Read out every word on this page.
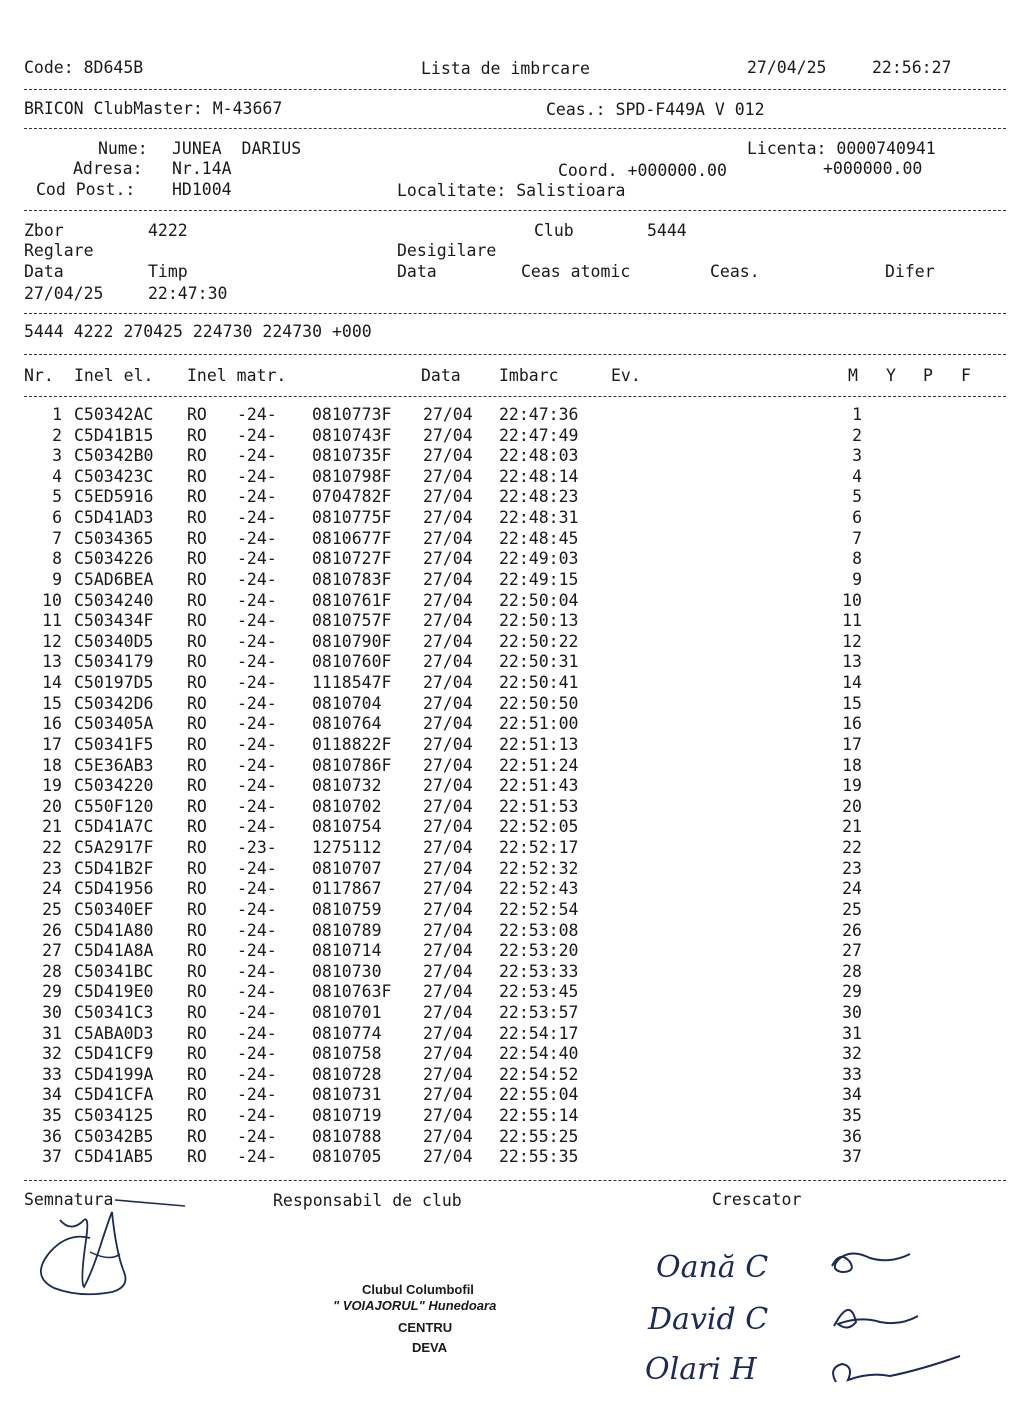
Code: 8D645B	Lista de imbrcare	27/04/25	22:56:27
BRICON ClubMaster: M-43667	Ceas.: SPD-F449A V 012
Nume: JUNEA  DARIUS	Licenta: 0000740941
Adresa: Nr.14A	Coord. +000000.00	+000000.00
Cod Post.: HD1004	Localitate: Salistioara
Zbor	4222	Club	5444
Reglare	Desigilare
Data	Timp	Data	Ceas atomic	Ceas.	Difer
27/04/25	22:47:30
5444 4222 270425 224730 224730 +000
Nr. Inel el. Inel matr.	Data Imbarc	Ev.	M Y P F
1 C50342AC RO -24- 0810773F 27/04 22:47:36	1
2 C5D41B15 RO -24- 0810743F 27/04 22:47:49	2
3 C50342B0 RO -24- 0810735F 27/04 22:48:03	3
4 C503423C RO -24- 0810798F 27/04 22:48:14	4
5 C5ED5916 RO -24- 0704782F 27/04 22:48:23	5
6 C5D41AD3 RO -24- 0810775F 27/04 22:48:31	6
7 C5034365 RO -24- 0810677F 27/04 22:48:45	7
8 C5034226 RO -24- 0810727F 27/04 22:49:03	8
9 C5AD6BEA RO -24- 0810783F 27/04 22:49:15	9
10 C5034240 RO -24- 0810761F 27/04 22:50:04	10
11 C503434F RO -24- 0810757F 27/04 22:50:13	11
12 C50340D5 RO -24- 0810790F 27/04 22:50:22	12
13 C5034179 RO -24- 0810760F 27/04 22:50:31	13
14 C50197D5 RO -24- 1118547F 27/04 22:50:41	14
15 C50342D6 RO -24- 0810704	27/04 22:50:50	15
16 C503405A RO -24- 0810764	27/04 22:51:00	16
17 C50341F5 RO -24- 0118822F 27/04 22:51:13	17
18 C5E36AB3 RO -24- 0810786F 27/04 22:51:24	18
19 C5034220 RO -24- 0810732	27/04 22:51:43	19
20 C550F120 RO -24- 0810702	27/04 22:51:53	20
21 C5D41A7C RO -24- 0810754	27/04 22:52:05	21
22 C5A2917F RO -23- 1275112	27/04 22:52:17	22
23 C5D41B2F RO -24- 0810707	27/04 22:52:32	23
24 C5D41956 RO -24- 0117867	27/04 22:52:43	24
25 C50340EF RO -24- 0810759	27/04 22:52:54	25
26 C5D41A80 RO -24- 0810789	27/04 22:53:08	26
27 C5D41A8A RO -24- 0810714	27/04 22:53:20	27
28 C50341BC RO -24- 0810730	27/04 22:53:33	28
29 C5D419E0 RO -24- 0810763F 27/04 22:53:45	29
30 C50341C3 RO -24- 0810701	27/04 22:53:57	30
31 C5ABA0D3 RO -24- 0810774	27/04 22:54:17	31
32 C5D41CF9 RO -24- 0810758	27/04 22:54:40	32
33 C5D4199A RO -24- 0810728	27/04 22:54:52	33
34 C5D41CFA RO -24- 0810731	27/04 22:55:04	34
35 C5034125 RO -24- 0810719	27/04 22:55:14	35
36 C50342B5 RO -24- 0810788	27/04 22:55:25	36
37 C5D41AB5 RO -24- 0810705	27/04 22:55:35	37
Semnatura	Responsabil de club	Crescator
Clubul Columbofil
" VOIAJORUL" Hunedoara
CENTRU
DEVA
Oană C
David C
Olari H
